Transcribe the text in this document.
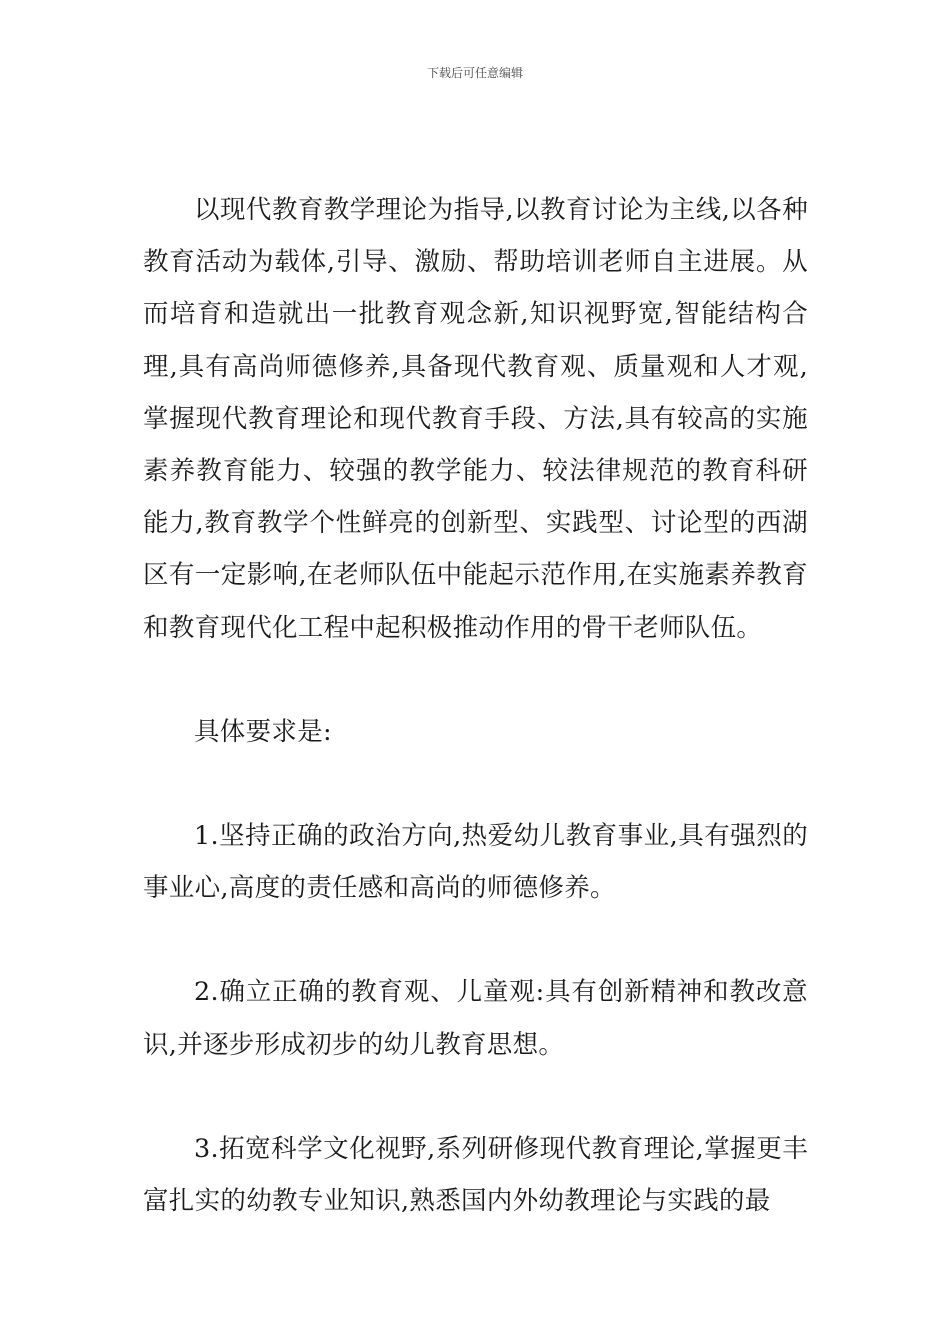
下载后可任意编辑

以现代教育教学理论为指导,以教育讨论为主线,以各种教育活动为载体,引导、激励、帮助培训老师自主进展。从而培育和造就出一批教育观念新,知识视野宽,智能结构合理,具有高尚师德修养,具备现代教育观、质量观和人才观,掌握现代教育理论和现代教育手段、方法,具有较高的实施素养教育能力、较强的教学能力、较法律规范的教育科研能力,教育教学个性鲜亮的创新型、实践型、讨论型的西湖区有一定影响,在老师队伍中能起示范作用,在实施素养教育和教育现代化工程中起积极推动作用的骨干老师队伍。

具体要求是:

1.坚持正确的政治方向,热爱幼儿教育事业,具有强烈的事业心,高度的责任感和高尚的师德修养。

2.确立正确的教育观、儿童观:具有创新精神和教改意识,并逐步形成初步的幼儿教育思想。

3.拓宽科学文化视野,系列研修现代教育理论,掌握更丰富扎实的幼教专业知识,熟悉国内外幼教理论与实践的最
